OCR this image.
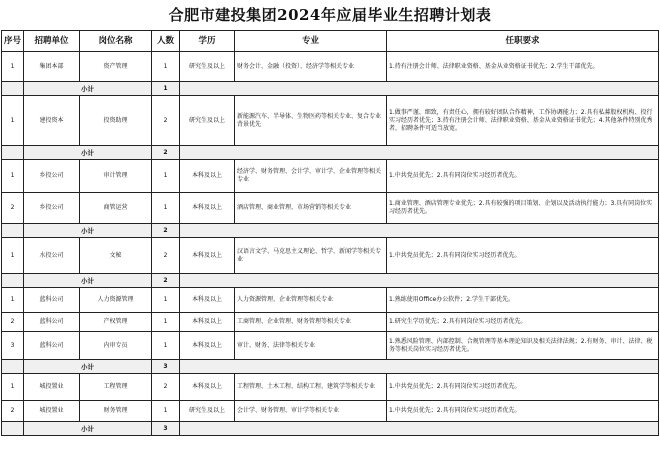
合肥市建投集团2024年应届毕业生招聘计划表
序号	招聘单位	岗位名称	人数	学历	专业	任职要求
1	集团本部	资产管理	1	研究生及以上	财务会计、金融（投资）、经济学等相关专业	1.持有注册会计师、法律职业资格、基金从业资格证书优先；2.学生干部优先。
	小计		1			
1	建投资本	投资助理	2	研究生及以上	新能源汽车、半导体、生物医药等相关专业、复合专业背景优先	1.做事严谨、细致，有责任心，拥有较好团队合作精神，工作协调能力；2.具有私募股权机构、投行实习经历者优先；3.持有注册会计师、法律职业资格、基金从业资格证书优先；4.其他条件特别优秀者，招聘条件可适当放宽。
	小计		2			
1	乡投公司	审计管理	1	本科及以上	经济学、财务管理、会计学、审计学、企业管理等相关专业	1.中共党员优先；2.具有同岗位实习经历者优先。
2	乡投公司	商管运营	1	本科及以上	酒店管理、商业管理、市场营销等相关专业	1.商业管理、酒店管理专业优先；2.具有较强的项目策划、企划以及活动执行能力；3.具有同岗位实习经历者优先。
	小计		2			
1	水投公司	文秘	2	本科及以上	汉语言文学、马克思主义理论、哲学、新闻学等相关专业	1.中共党员优先；2.具有同岗位实习经历者优先。
	小计		2			
1	蓝科公司	人力资源管理	1	本科及以上	人力资源管理、企业管理等相关专业	1.熟练使用Office办公软件；2.学生干部优先。
2	蓝科公司	产权管理	1	本科及以上	工商管理、企业管理、财务管理等相关专业	1.研究生学历优先；2.具有同岗位实习经历者优先。
3	蓝科公司	内审专员	1	本科及以上	审计、财务、法律等相关专业	1.熟悉风险管理、内部控制、合规管理等基本理论知识及相关法律法规；2.有财务、审计、法律、税务等相关岗位实习经历者优先。
	小计		3			
1	城投置业	工程管理	2	本科及以上	工程管理、土木工程、结构工程、建筑学等相关专业	1.中共党员优先；2.具有同岗位实习经历者优先。
2	城投置业	财务管理	1	研究生及以上	会计学、财务管理、审计学等相关专业	1.中共党员优先；2.具有同岗位实习经历者优先。
	小计		3			
